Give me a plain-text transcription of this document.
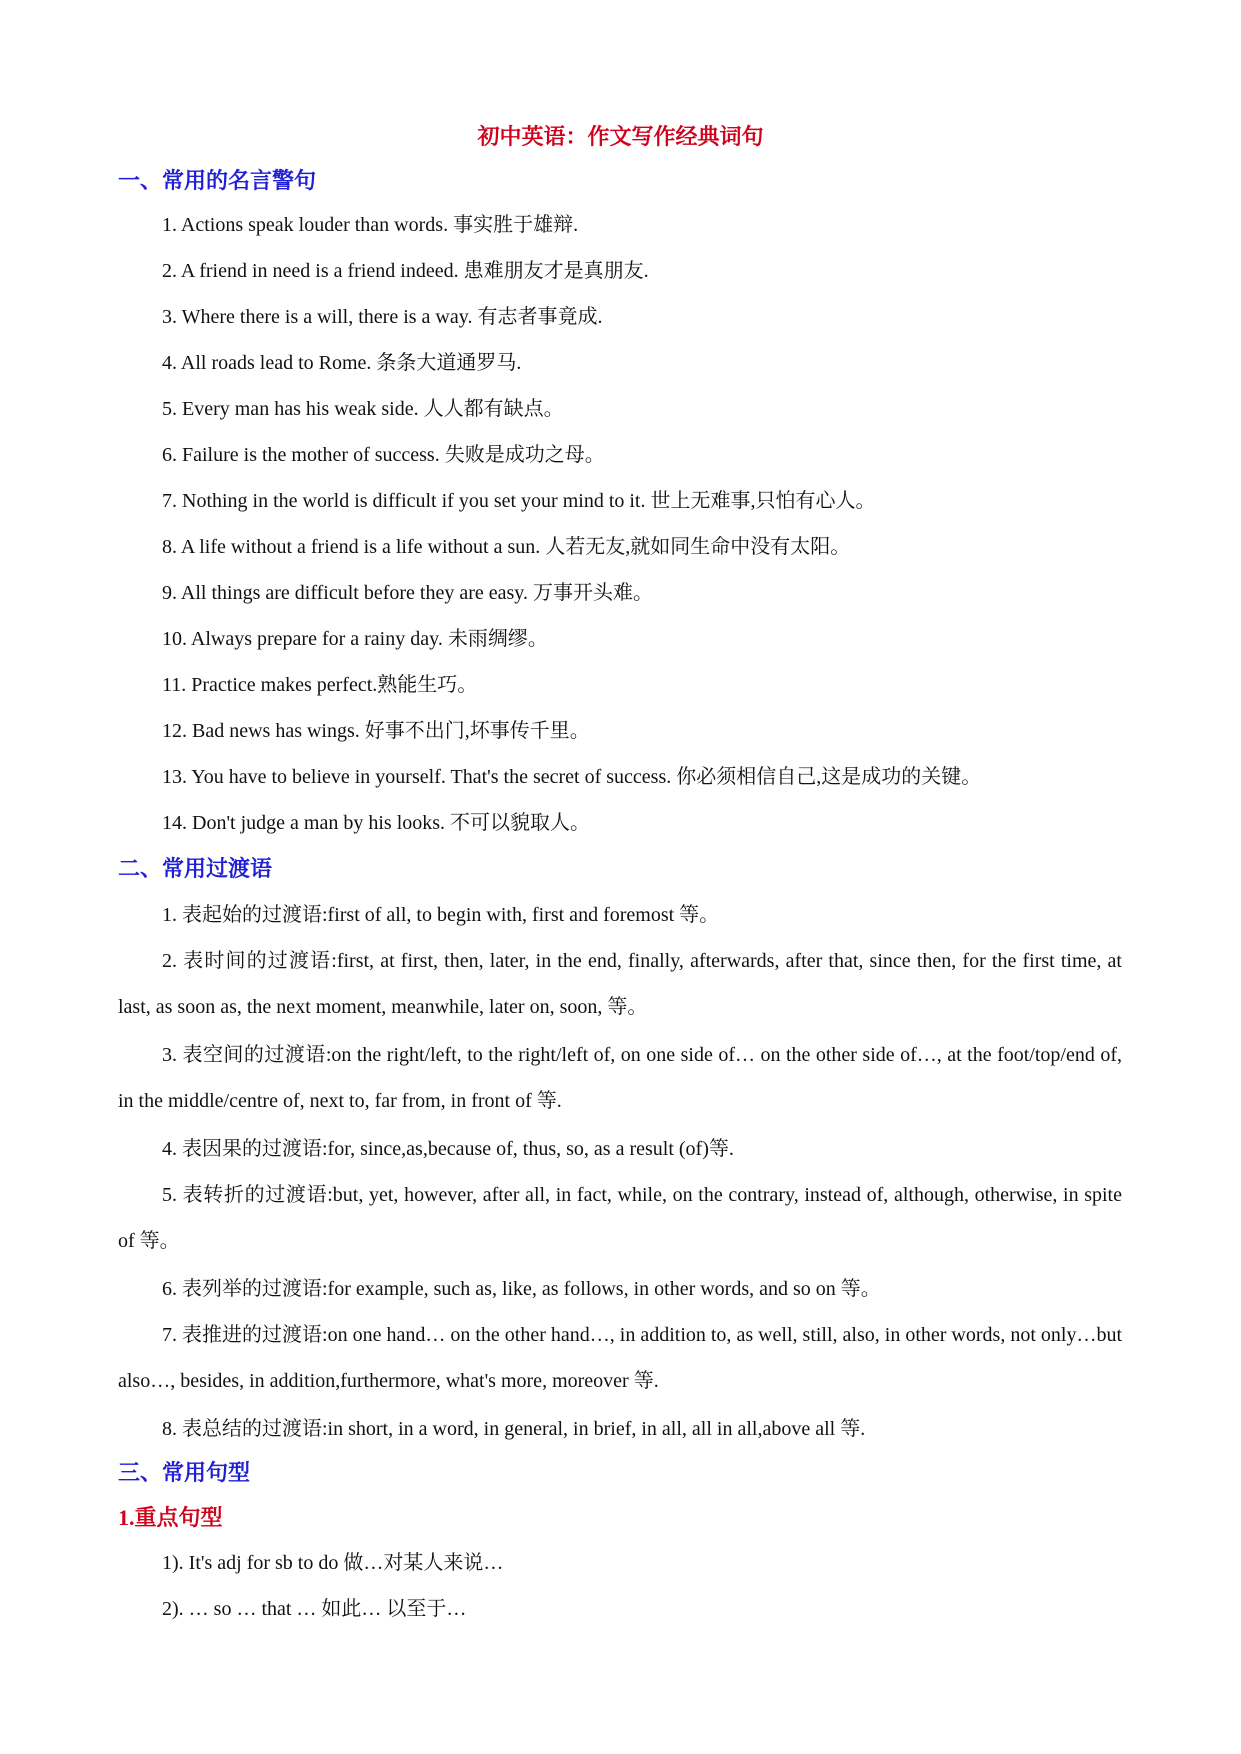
初中英语：作文写作经典词句
一、常用的名言警句
1. Actions speak louder than words. 事实胜于雄辩.
2. A friend in need is a friend indeed. 患难朋友才是真朋友.
3. Where there is a will, there is a way. 有志者事竟成.
4. All roads lead to Rome. 条条大道通罗马.
5. Every man has his weak side. 人人都有缺点。
6. Failure is the mother of success. 失败是成功之母。
7. Nothing in the world is difficult if you set your mind to it. 世上无难事,只怕有心人。
8. A life without a friend is a life without a sun. 人若无友,就如同生命中没有太阳。
9. All things are difficult before they are easy. 万事开头难。
10. Always prepare for a rainy day. 未雨绸缪。
11. Practice makes perfect.熟能生巧。
12. Bad news has wings. 好事不出门,坏事传千里。
13. You have to believe in yourself. That's the secret of success. 你必须相信自己,这是成功的关键。
14. Don't judge a man by his looks. 不可以貌取人。
二、常用过渡语
1. 表起始的过渡语:first of all, to begin with, first and foremost 等。
2. 表时间的过渡语:first, at first, then, later, in the end, finally, afterwards, after that, since then, for the first time, at last, as soon as, the next moment, meanwhile, later on, soon, 等。
3. 表空间的过渡语:on the right/left, to the right/left of, on one side of… on the other side of…, at the foot/top/end of, in the middle/centre of, next to, far from, in front of 等.
4. 表因果的过渡语:for, since,as,because of, thus, so, as a result (of)等.
5. 表转折的过渡语:but, yet, however, after all, in fact, while, on the contrary, instead of, although, otherwise, in spite of 等。
6. 表列举的过渡语:for example, such as, like, as follows, in other words, and so on 等。
7. 表推进的过渡语:on one hand… on the other hand…, in addition to, as well, still, also, in other words, not only…but also…, besides, in addition,furthermore, what's more, moreover 等.
8. 表总结的过渡语:in short, in a word, in general, in brief, in all, all in all,above all 等.
三、常用句型
1.重点句型
1). It's adj for sb to do 做…对某人来说…
2). … so … that … 如此… 以至于…
